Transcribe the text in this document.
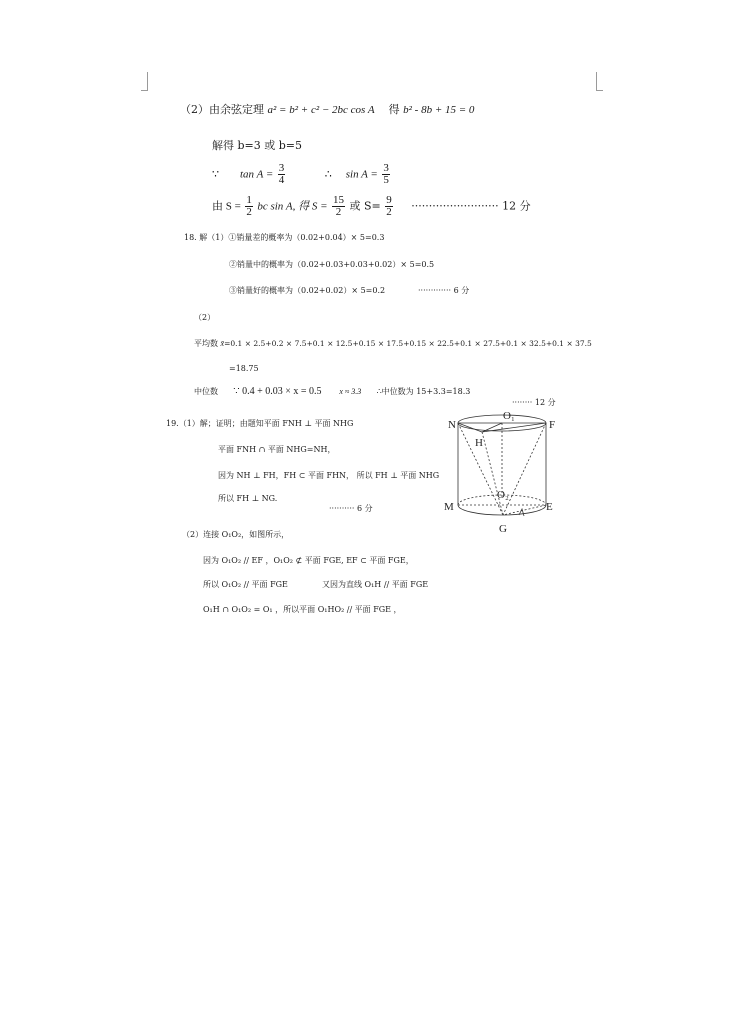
（2）由余弦定理 a² = b² + c² − 2bc cos A 得 b² - 8b + 15 = 0
解得 b=3 或 b=5
∵ $\tan A = \frac{3}{4}$	∴ $\sin A = \frac{3}{5}$
由 $S = \frac{1}{2}$ bc sin A, 得 $S = \frac{15}{2}$ 或 $S= \frac{9}{2}$ ························· 12 分
18. 解（1）①销量差的概率为（0.02+0.04）× 5=0.3
②销量中的概率为（0.02+0.03+0.03+0.02）× 5=0.5
③销量好的概率为（0.02+0.02）× 5=0.2	············· 6 分
（2）
平均数 x̄=0.1 × 2.5+0.2 × 7.5+0.1 × 12.5+0.15 × 17.5+0.15 × 22.5+0.1 × 27.5+0.1 × 32.5+0.1 × 37.5
=18.75
中位数 ∵ 0.4 + 0.03 × x = 0.5 x ≈ 3.3 ∴中位数为 15+3.3=18.3
········ 12 分
19.（1）解；证明；由题知平面 FNH ⊥ 平面 NHG
平面 FNH ∩ 平面 NHG=NH，
因为 NH ⊥ FH，FH ⊂ 平面 FHN， 所以 FH ⊥ 平面 NHG
所以 FH ⊥ NG.
·········· 6 分
（2）连接 O₁O₂，如图所示，
因为 O₁O₂ // EF ，O₁O₂ ⊄ 平面 FGE, EF ⊂ 平面 FGE，
所以 O₁O₂ // 平面 FGE	又因为直线 O₁H // 平面 FGE
O₁H ∩ O₁O₂ = O₁ ，所以平面 O₁HO₂ // 平面 FGE ，
N	F
O₁
H
O₂
M	E
G
